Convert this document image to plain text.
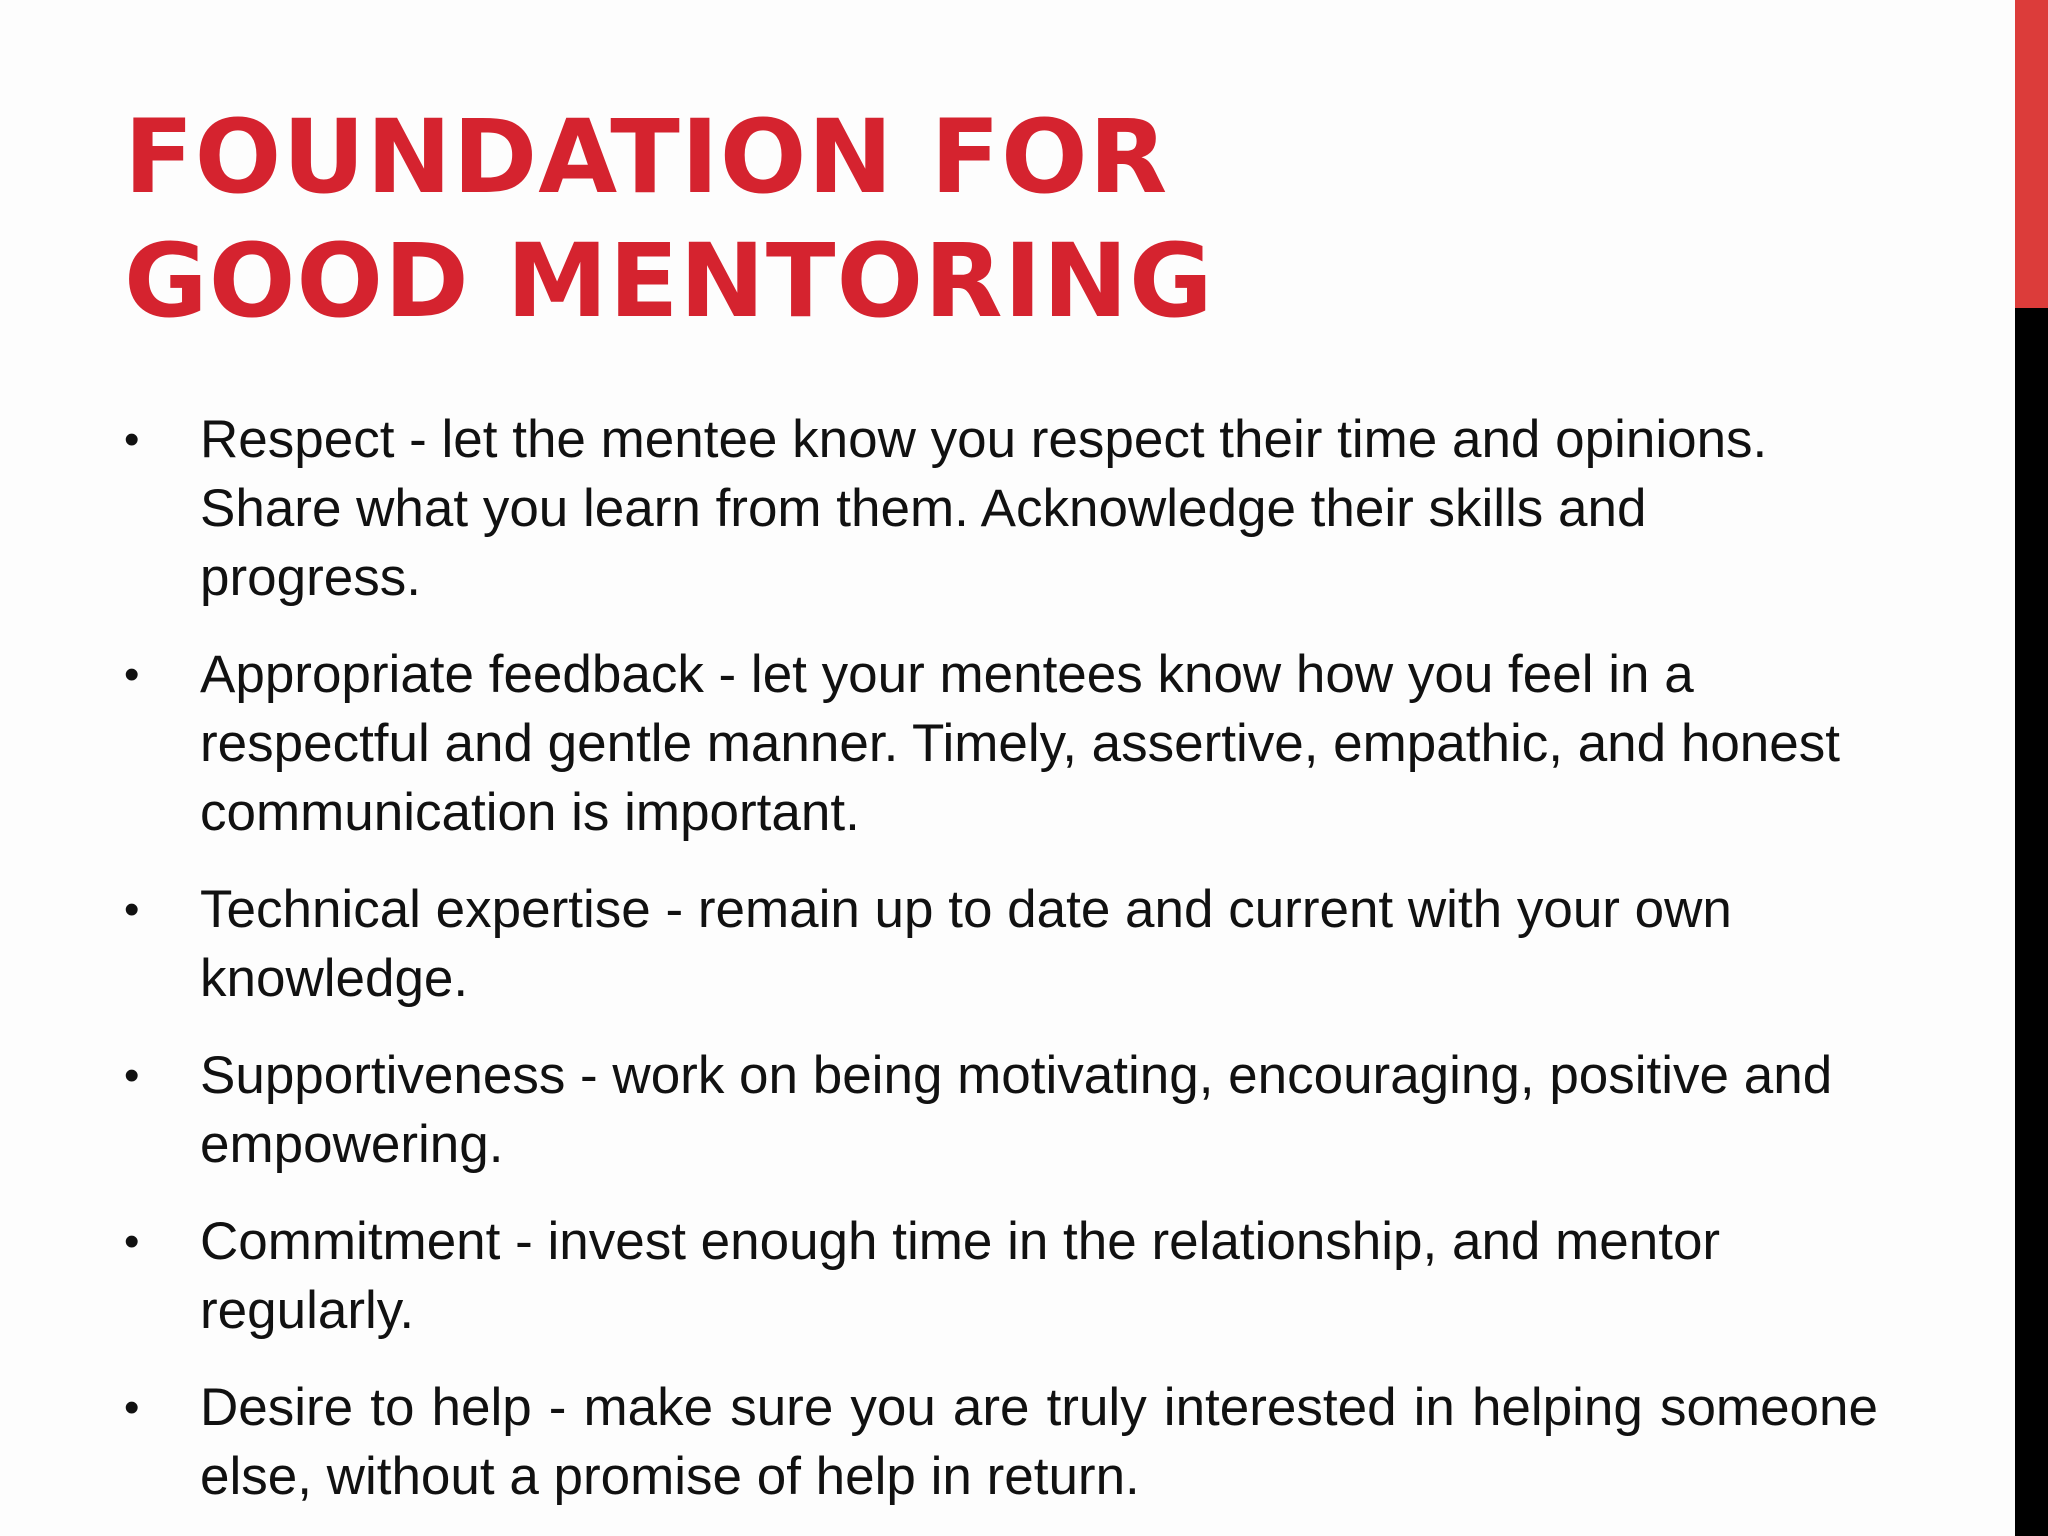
FOUNDATION FOR
GOOD MENTORING
• Respect - let the mentee know you respect their time and opinions. Share what you learn from them. Acknowledge their skills and progress.
• Appropriate feedback - let your mentees know how you feel in a respectful and gentle manner. Timely, assertive, empathic, and honest communication is important.
• Technical expertise - remain up to date and current with your own knowledge.
• Supportiveness - work on being motivating, encouraging, positive and empowering.
• Commitment - invest enough time in the relationship, and mentor regularly.
• Desire to help - make sure you are truly interested in helping someone else, without a promise of help in return.
